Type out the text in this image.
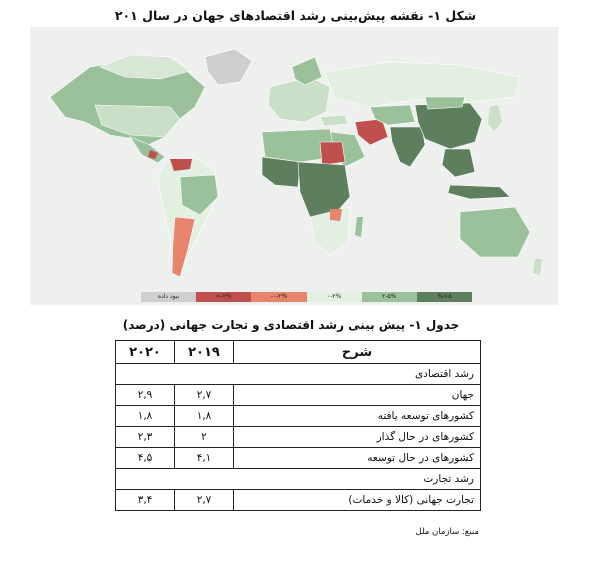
شکل ۱- نقشه پیش‌بینی رشد اقتصادهای جهان در سال ۲۰۱
نبود داده	<-۲%	-۰-۲%	۰-۲%	۲-۵%	%>۵
جدول ۱- پیش بینی رشد اقتصادی و تجارت جهانی (درصد)
شرح	۲۰۱۹	۲۰۲۰
رشد اقتصادی		
جهان	۲,۷	۲,۹
کشورهای توسعه یافته	۱,۸	۱,۸
کشورهای در حال گذار	۲	۲,۳
کشورهای در حال توسعه	۴,۱	۴,۵
رشد تجارت		
تجارت جهانی (کالا و خدمات)	۲,۷	۳,۴
منبع: سازمان ملل
